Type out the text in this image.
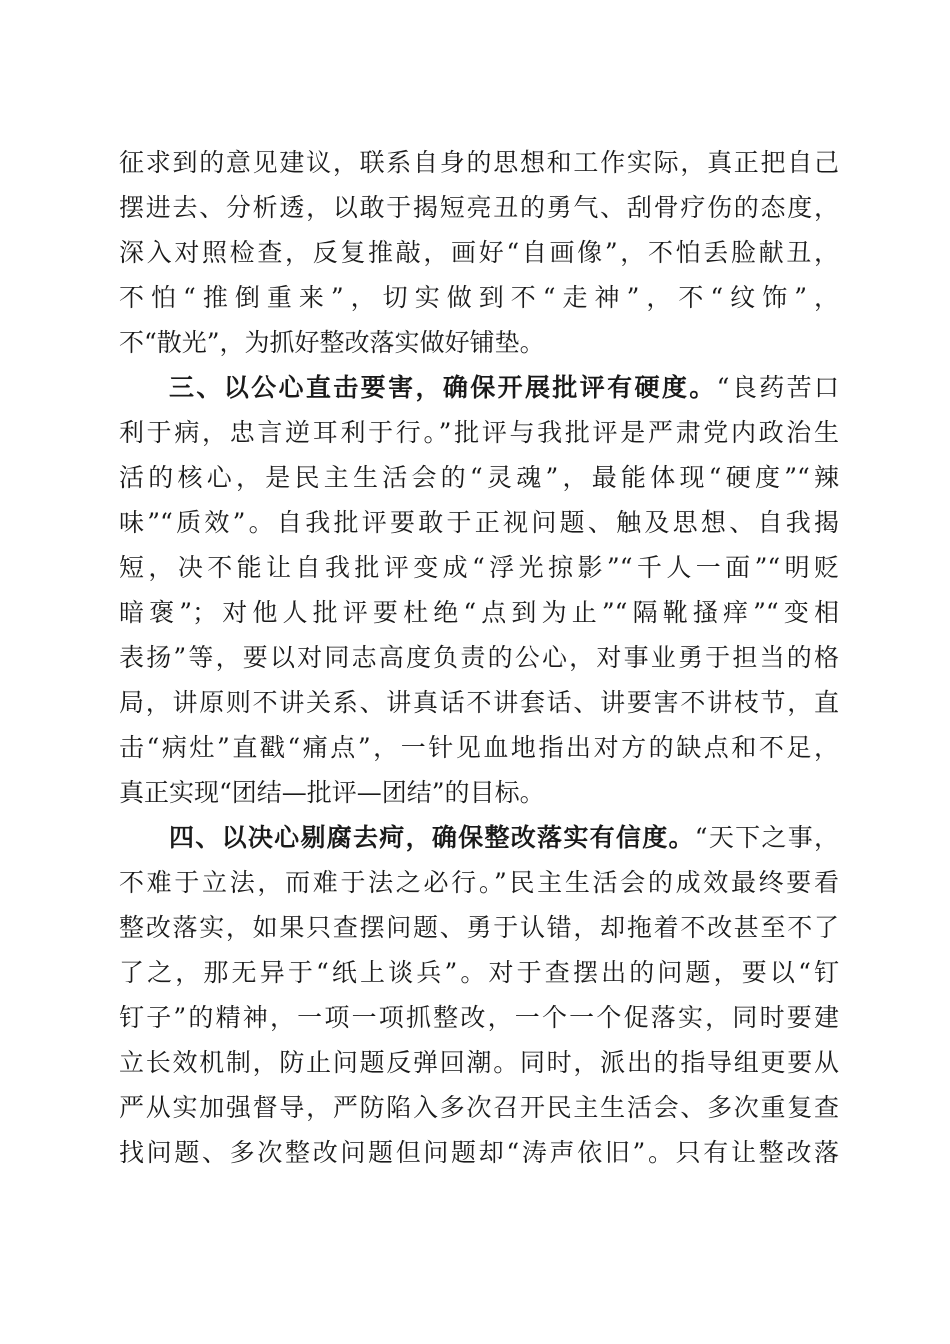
征求到的意见建议，联系自身的思想和工作实际，真正把自己
摆进去、分析透，以敢于揭短亮丑的勇气、刮骨疗伤的态度，
深入对照检查，反复推敲，画好“自画像”，不怕丢脸献丑，
不怕“推倒重来”，切实做到不“走神”，不“纹饰”，
不“散光”，为抓好整改落实做好铺垫。
三、以公心直击要害，确保开展批评有硬度。“良药苦口
利于病，忠言逆耳利于行。”批评与我批评是严肃党内政治生
活的核心，是民主生活会的“灵魂”，最能体现“硬度”“辣
味”“质效”。自我批评要敢于正视问题、触及思想、自我揭
短，决不能让自我批评变成“浮光掠影”“千人一面”“明贬
暗褒”；对他人批评要杜绝“点到为止”“隔靴搔痒”“变相
表扬”等，要以对同志高度负责的公心，对事业勇于担当的格
局，讲原则不讲关系、讲真话不讲套话、讲要害不讲枝节，直
击“病灶”直戳“痛点”，一针见血地指出对方的缺点和不足，
真正实现“团结—批评—团结”的目标。
四、以决心剔腐去疴，确保整改落实有信度。“天下之事，
不难于立法，而难于法之必行。”民主生活会的成效最终要看
整改落实，如果只查摆问题、勇于认错，却拖着不改甚至不了
了之，那无异于“纸上谈兵”。对于查摆出的问题，要以“钉
钉子”的精神，一项一项抓整改，一个一个促落实，同时要建
立长效机制，防止问题反弹回潮。同时，派出的指导组更要从
严从实加强督导，严防陷入多次召开民主生活会、多次重复查
找问题、多次整改问题但问题却“涛声依旧”。只有让整改落
